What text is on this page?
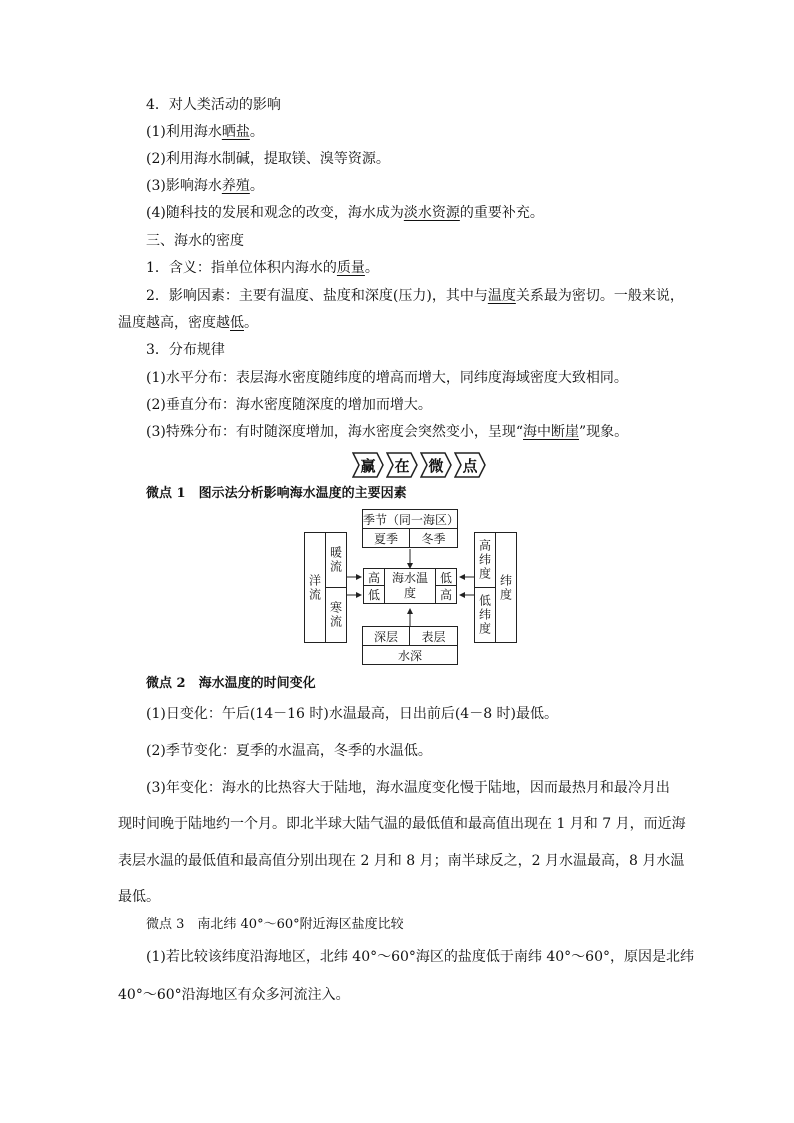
4．对人类活动的影响
(1)利用海水晒盐。
(2)利用海水制碱，提取镁、溴等资源。
(3)影响海水养殖。
(4)随科技的发展和观念的改变，海水成为淡水资源的重要补充。
三、海水的密度
1．含义：指单位体积内海水的质量。
2．影响因素：主要有温度、盐度和深度(压力)，其中与温度关系最为密切。一般来说，
温度越高，密度越低。
3．分布规律
(1)水平分布：表层海水密度随纬度的增高而增大，同纬度海域密度大致相同。
(2)垂直分布：海水密度随深度的增加而增大。
(3)特殊分布：有时随深度增加，海水密度会突然变小，呈现“海中断崖”现象。
赢	在	微	点
微点 1　图示法分析影响海水温度的主要因素
季节（同一海区）
夏季	冬季
高
低
低
高
海水温度
深层	表层
水深
洋流
暖流
寒流
高纬度
低纬度
纬度
微点 2　海水温度的时间变化
(1)日变化：午后(14－16 时)水温最高，日出前后(4－8 时)最低。
(2)季节变化：夏季的水温高，冬季的水温低。
(3)年变化：海水的比热容大于陆地，海水温度变化慢于陆地，因而最热月和最冷月出
现时间晚于陆地约一个月。即北半球大陆气温的最低值和最高值出现在 1 月和 7 月，而近海
表层水温的最低值和最高值分别出现在 2 月和 8 月；南半球反之，2 月水温最高，8 月水温
最低。
微点 3　南北纬 40°～60°附近海区盐度比较
(1)若比较该纬度沿海地区，北纬 40°～60°海区的盐度低于南纬 40°～60°，原因是北纬
40°～60°沿海地区有众多河流注入。
